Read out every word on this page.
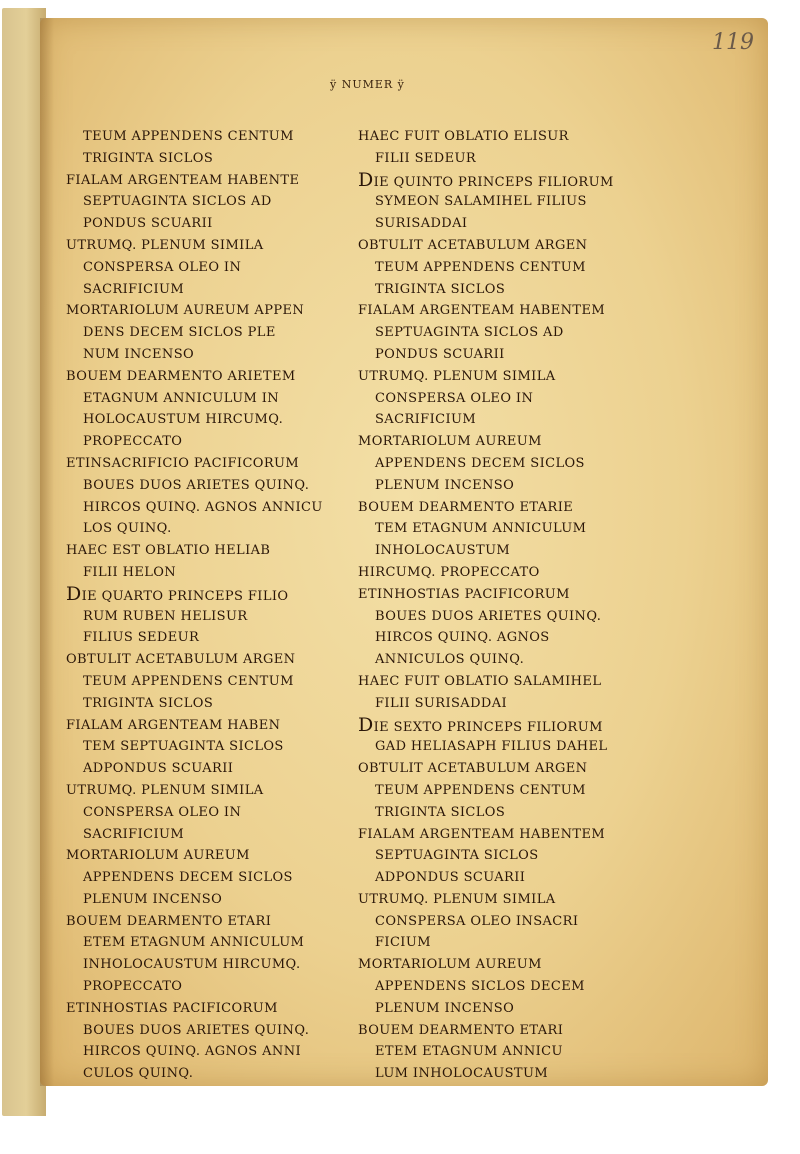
119
ÿ NUMER ÿ
TEUM APPENDENS CENTUM
TRIGINTA SICLOS
FIALAM ARGENTEAM HABENTE
SEPTUAGINTA SICLOS AD
PONDUS SCUARII
UTRUMQ. PLENUM SIMILA
CONSPERSA OLEO IN
SACRIFICIUM
MORTARIOLUM AUREUM APPEN
DENS DECEM SICLOS PLE
NUM INCENSO
BOUEM DEARMENTO ARIETEM
ETAGNUM ANNICULUM IN
HOLOCAUSTUM HIRCUMQ.
PROPECCATO
ETINSACRIFICIO PACIFICORUM
BOUES DUOS ARIETES QUINQ.
HIRCOS QUINQ. AGNOS ANNICU
LOS QUINQ.
HAEC EST OBLATIO HELIAB
FILII HELON
DIE QUARTO PRINCEPS FILIO
RUM RUBEN HELISUR
FILIUS SEDEUR
OBTULIT ACETABULUM ARGEN
TEUM APPENDENS CENTUM
TRIGINTA SICLOS
FIALAM ARGENTEAM HABEN
TEM SEPTUAGINTA SICLOS
ADPONDUS SCUARII
UTRUMQ. PLENUM SIMILA
CONSPERSA OLEO IN
SACRIFICIUM
MORTARIOLUM AUREUM
APPENDENS DECEM SICLOS
PLENUM INCENSO
BOUEM DEARMENTO ETARI
ETEM ETAGNUM ANNICULUM
INHOLOCAUSTUM HIRCUMQ.
PROPECCATO
ETINHOSTIAS PACIFICORUM
BOUES DUOS ARIETES QUINQ.
HIRCOS QUINQ. AGNOS ANNI
CULOS QUINQ.
HAEC FUIT OBLATIO ELISUR
FILII SEDEUR
DIE QUINTO PRINCEPS FILIORUM
SYMEON SALAMIHEL FILIUS
SURISADDAI
OBTULIT ACETABULUM ARGEN
TEUM APPENDENS CENTUM
TRIGINTA SICLOS
FIALAM ARGENTEAM HABENTEM
SEPTUAGINTA SICLOS AD
PONDUS SCUARII
UTRUMQ. PLENUM SIMILA
CONSPERSA OLEO IN
SACRIFICIUM
MORTARIOLUM AUREUM
APPENDENS DECEM SICLOS
PLENUM INCENSO
BOUEM DEARMENTO ETARIE
TEM ETAGNUM ANNICULUM
INHOLOCAUSTUM
HIRCUMQ. PROPECCATO
ETINHOSTIAS PACIFICORUM
BOUES DUOS ARIETES QUINQ.
HIRCOS QUINQ. AGNOS
ANNICULOS QUINQ.
HAEC FUIT OBLATIO SALAMIHEL
FILII SURISADDAI
DIE SEXTO PRINCEPS FILIORUM
GAD HELIASAPH FILIUS DAHEL
OBTULIT ACETABULUM ARGEN
TEUM APPENDENS CENTUM
TRIGINTA SICLOS
FIALAM ARGENTEAM HABENTEM
SEPTUAGINTA SICLOS
ADPONDUS SCUARII
UTRUMQ. PLENUM SIMILA
CONSPERSA OLEO INSACRI
FICIUM
MORTARIOLUM AUREUM
APPENDENS SICLOS DECEM
PLENUM INCENSO
BOUEM DEARMENTO ETARI
ETEM ETAGNUM ANNICU
LUM INHOLOCAUSTUM
